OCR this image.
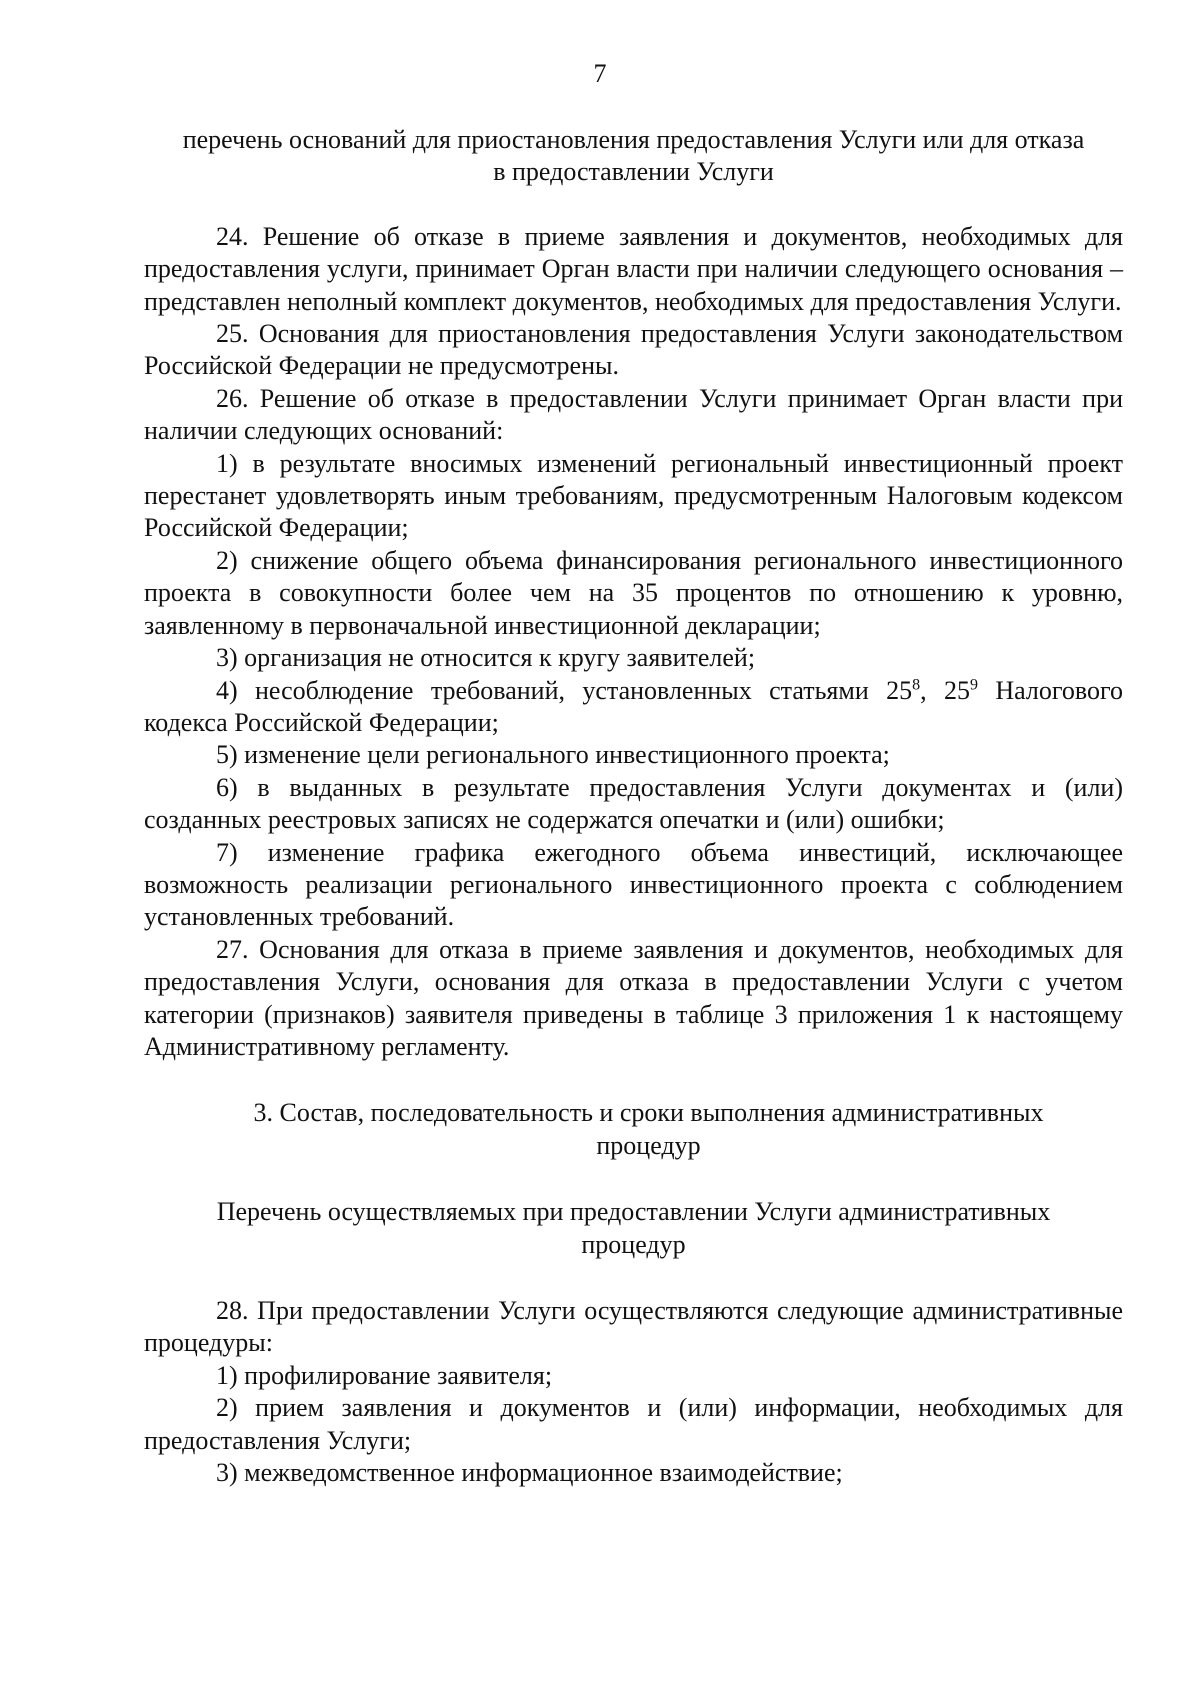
7

перечень оснований для приостановления предоставления Услуги или для отказа в предоставлении Услуги

24. Решение об отказе в приеме заявления и документов, необходимых для предоставления услуги, принимает Орган власти при наличии следующего основания – представлен неполный комплект документов, необходимых для предоставления Услуги.

25. Основания для приостановления предоставления Услуги законодательством Российской Федерации не предусмотрены.

26. Решение об отказе в предоставлении Услуги принимает Орган власти при наличии следующих оснований:

1) в результате вносимых изменений региональный инвестиционный проект перестанет удовлетворять иным требованиям, предусмотренным Налоговым кодексом Российской Федерации;

2) снижение общего объема финансирования регионального инвестиционного проекта в совокупности более чем на 35 процентов по отношению к уровню, заявленному в первоначальной инвестиционной декларации;

3) организация не относится к кругу заявителей;

4) несоблюдение требований, установленных статьями $25^8$, $25^9$ Налогового кодекса Российской Федерации;

5) изменение цели регионального инвестиционного проекта;

6) в выданных в результате предоставления Услуги документах и (или) созданных реестровых записях не содержатся опечатки и (или) ошибки;

7) изменение графика ежегодного объема инвестиций, исключающее возможность реализации регионального инвестиционного проекта с соблюдением установленных требований.

27. Основания для отказа в приеме заявления и документов, необходимых для предоставления Услуги, основания для отказа в предоставлении Услуги с учетом категории (признаков) заявителя приведены в таблице 3 приложения 1 к настоящему Административному регламенту.

3. Состав, последовательность и сроки выполнения административных процедур

Перечень осуществляемых при предоставлении Услуги административных процедур

28. При предоставлении Услуги осуществляются следующие административные процедуры:

1) профилирование заявителя;

2) прием заявления и документов и (или) информации, необходимых для предоставления Услуги;

3) межведомственное информационное взаимодействие;
